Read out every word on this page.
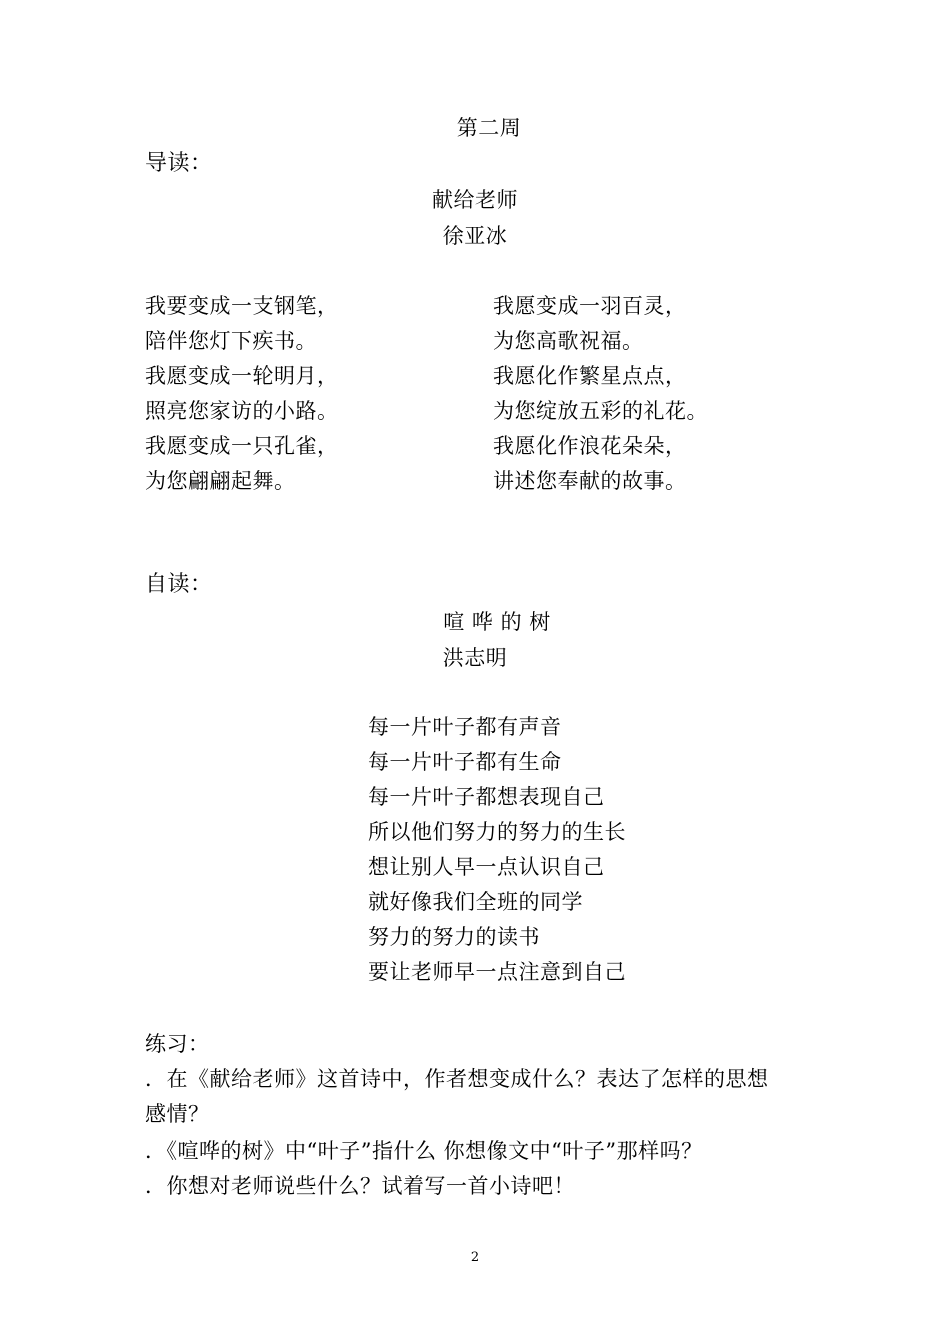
第二周
导读：
献给老师
徐亚冰
我要变成一支钢笔，
陪伴您灯下疾书。
我愿变成一轮明月，
照亮您家访的小路。
我愿变成一只孔雀，
为您翩翩起舞。
我愿变成一羽百灵，
为您高歌祝福。
我愿化作繁星点点，
为您绽放五彩的礼花。
我愿化作浪花朵朵，
讲述您奉献的故事。
自读：
喧 哗 的 树
洪志明
每一片叶子都有声音
每一片叶子都有生命
每一片叶子都想表现自己
所以他们努力的努力的生长
想让别人早一点认识自己
就好像我们全班的同学
努力的努力的读书
要让老师早一点注意到自己
练习：
．在《献给老师》这首诗中，作者想变成什么？表达了怎样的思想
感情？
．《喧哗的树》中“叶子”指什么 你想像文中“叶子”那样吗？
．你想对老师说些什么？试着写一首小诗吧！
2
